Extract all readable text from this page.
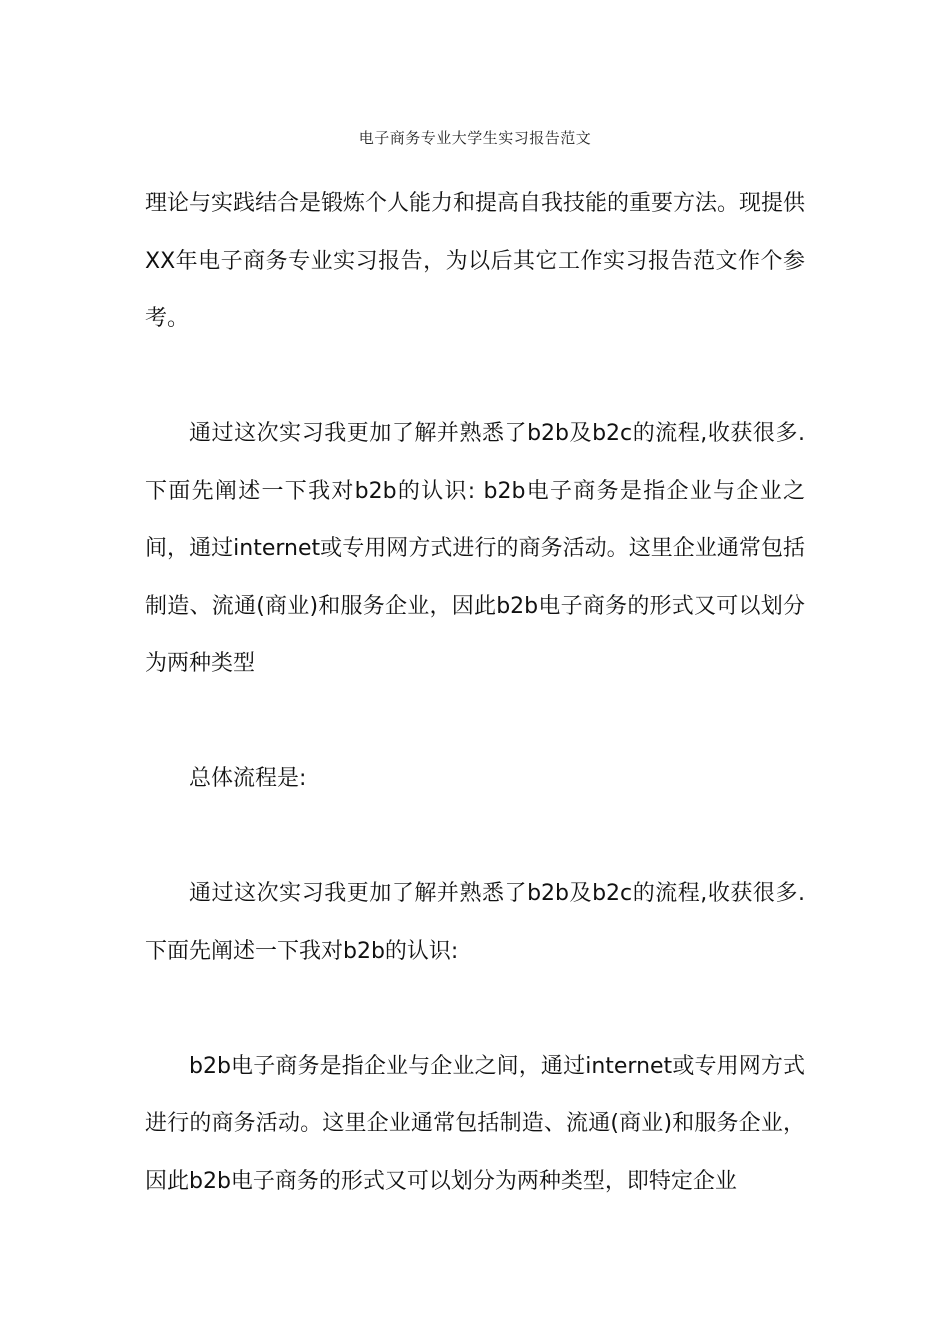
电子商务专业大学生实习报告范文

理论与实践结合是锻炼个人能力和提高自我技能的重要方法。现提供XX年电子商务专业实习报告，为以后其它工作实习报告范文作个参考。

通过这次实习我更加了解并熟悉了b2b及b2c的流程,收获很多.下面先阐述一下我对b2b的认识: b2b电子商务是指企业与企业之间，通过internet或专用网方式进行的商务活动。这里企业通常包括制造、流通(商业)和服务企业，因此b2b电子商务的形式又可以划分为两种类型

总体流程是:

通过这次实习我更加了解并熟悉了b2b及b2c的流程,收获很多.下面先阐述一下我对b2b的认识:

b2b电子商务是指企业与企业之间，通过internet或专用网方式进行的商务活动。这里企业通常包括制造、流通(商业)和服务企业，因此b2b电子商务的形式又可以划分为两种类型，即特定企业
